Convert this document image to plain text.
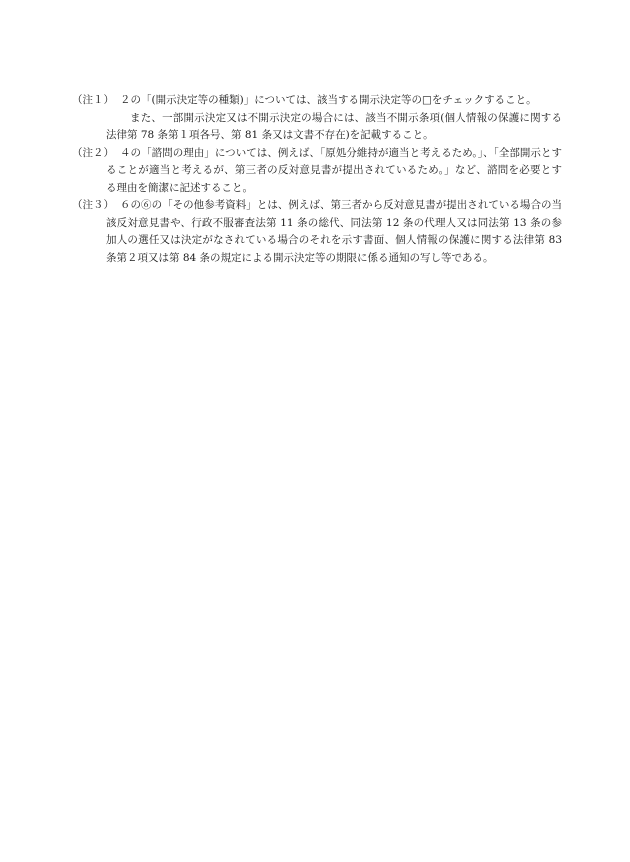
（注１） ２の「(開示決定等の種類)」については、該当する開示決定等の□をチェックすること。

また、一部開示決定又は不開示決定の場合には、該当不開示条項(個人情報の保護に関する法律第 78 条第１項各号、第 81 条又は文書不存在)を記載すること。

（注２） ４の「諮問の理由」については、例えば、「原処分維持が適当と考えるため。」、「全部開示とすることが適当と考えるが、第三者の反対意見書が提出されているため。」など、諮問を必要とする理由を簡潔に記述すること。

（注３） ６の⑥の「その他参考資料」とは、例えば、第三者から反対意見書が提出されている場合の当該反対意見書や、行政不服審査法第 11 条の総代、同法第 12 条の代理人又は同法第 13 条の参加人の選任又は決定がなされている場合のそれを示す書面、個人情報の保護に関する法律第 83 条第２項又は第 84 条の規定による開示決定等の期限に係る通知の写し等である。
